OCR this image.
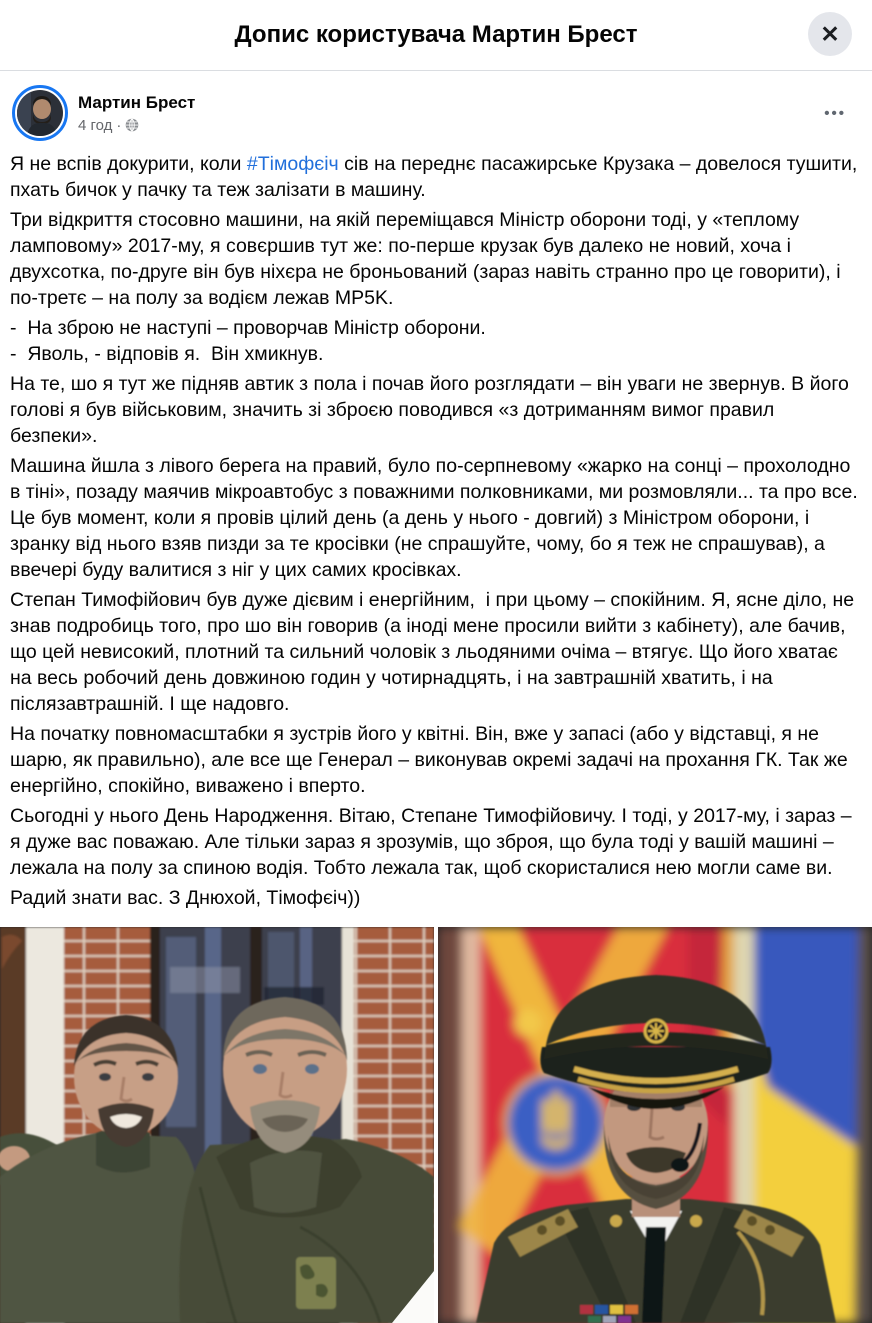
Допис користувача Мартин Брест	✕
Мартин Брест
4 год ·
•••

Я не вспів докурити, коли #Тімофєіч сів на переднє пасажирське Крузака – довелося тушити, пхать бичок у пачку та теж залізати в машину.

Три відкриття стосовно машини, на якій переміщався Міністр оборони тоді, у «теплому ламповому» 2017-му, я совєршив тут же: по-перше крузак був далеко не новий, хоча і двухсотка, по-друге він був ніхєра не броньований (зараз навіть странно про це говорити), і по-третє – на полу за водієм лежав MP5K.

-  На зброю не наступі – проворчав Міністр оборони.
-  Яволь, - відповів я.  Він хмикнув.

На те, шо я тут же підняв автик з пола і почав його розглядати – він уваги не звернув. В його голові я був військовим, значить зі зброєю поводився «з дотриманням вимог правил безпеки».

Машина йшла з лівого берега на правий, було по-серпневому «жарко на сонці – прохолодно в тіні», позаду маячив мікроавтобус з поважними полковниками, ми розмовляли... та про все. Це був момент, коли я провів цілий день (а день у нього - довгий) з Міністром оборони, і зранку від нього взяв пизди за те кросівки (не спрашуйте, чому, бо я теж не спрашував), а ввечері буду валитися з ніг у цих самих кросівках.

Степан Тимофійович був дуже дієвим і енергійним,  і при цьому – спокійним. Я, ясне діло, не знав подробиць того, про шо він говорив (а іноді мене просили вийти з кабінету), але бачив, що цей невисокий, плотний та сильний чоловік з льодяними очіма – втягує. Що його хватає на весь робочий день довжиною годин у чотирнадцять, і на завтрашній хватить, і на післязавтрашній. І ще надовго.

На початку повномасштабки я зустрів його у квітні. Він, вже у запасі (або у відставці, я не шарю, як правильно), але все ще Генерал – виконував окремі задачі на прохання ГК. Так же енергійно, спокійно, виважено і вперто.

Сьогодні у нього День Народження. Вітаю, Степане Тимофійовичу. І тоді, у 2017-му, і зараз – я дуже вас поважаю. Але тільки зараз я зрозумів, що зброя, що була тоді у вашій машині – лежала на полу за спиною водія. Тобто лежала так, щоб скористалися нею могли саме ви.

Радий знати вас. З Днюхой, Тімофєіч))
